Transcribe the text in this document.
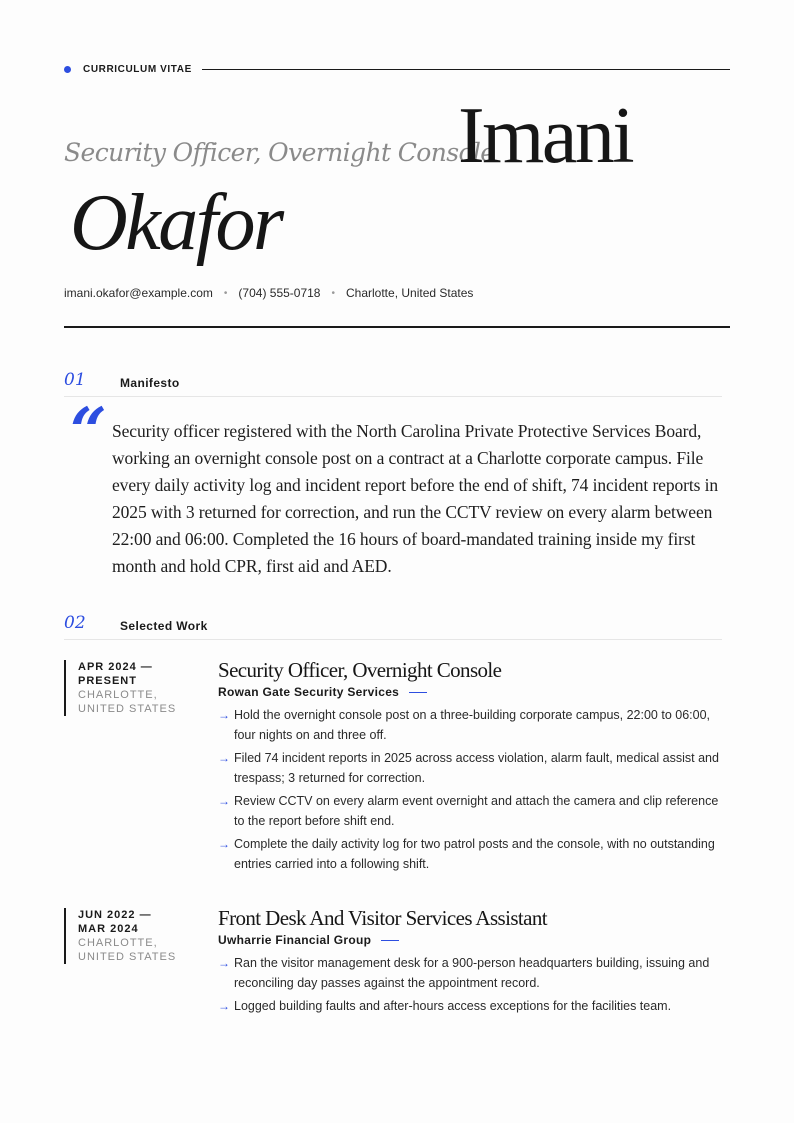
CURRICULUM VITAE
Security Officer, Overnight Console
Imani
Okafor
imani.okafor@example.com • (704) 555-0718 • Charlotte, United States
01	Manifesto
“ Security officer registered with the North Carolina Private Protective Services Board, working an overnight console post on a contract at a Charlotte corporate campus. File every daily activity log and incident report before the end of shift, 74 incident reports in 2025 with 3 returned for correction, and run the CCTV review on every alarm between 22:00 and 06:00. Completed the 16 hours of board-mandated training inside my first month and hold CPR, first aid and AED.
02	Selected Work
APR 2024 —
PRESENT
CHARLOTTE,
UNITED STATES
Security Officer, Overnight Console
Rowan Gate Security Services
→ Hold the overnight console post on a three-building corporate campus, 22:00 to 06:00, four nights on and three off.
→ Filed 74 incident reports in 2025 across access violation, alarm fault, medical assist and trespass; 3 returned for correction.
→ Review CCTV on every alarm event overnight and attach the camera and clip reference to the report before shift end.
→ Complete the daily activity log for two patrol posts and the console, with no outstanding entries carried into a following shift.
JUN 2022 —
MAR 2024
CHARLOTTE,
UNITED STATES
Front Desk And Visitor Services Assistant
Uwharrie Financial Group
→ Ran the visitor management desk for a 900-person headquarters building, issuing and reconciling day passes against the appointment record.
→ Logged building faults and after-hours access exceptions for the facilities team.
